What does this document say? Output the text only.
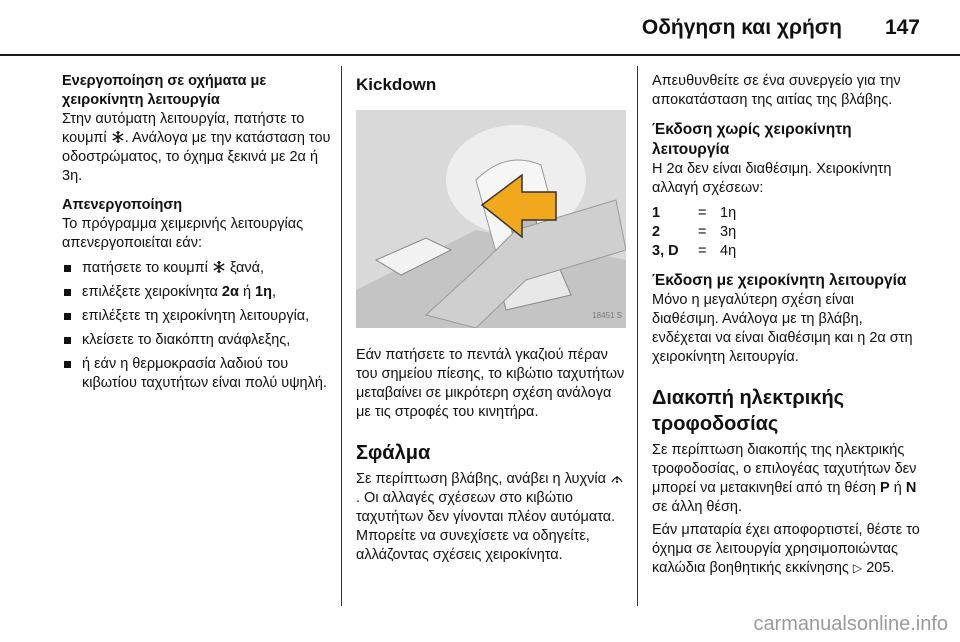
Οδήγηση και χρήση 147

Ενεργοποίηση σε οχήματα με
χειροκίνητη λειτουργία

Στην αυτόματη λειτουργία, πατήστε το κουμπί . Ανάλογα με την κατάσταση του οδοστρώματος, το όχημα ξεκινά με 2α ή 3η.

Απενεργοποίηση

Το πρόγραμμα χειμερινής λειτουργίας απενεργοποιείται εάν:

πατήσετε το κουμπί ξανά,
επιλέξετε χειροκίνητα 2α ή 1η,
επιλέξετε τη χειροκίνητη λειτουργία,
κλείσετε το διακόπτη ανάφλεξης,
ή εάν η θερμοκρασία λαδιού του κιβωτίου ταχυτήτων είναι πολύ υψηλή.

Kickdown

18451 S

Εάν πατήσετε το πεντάλ γκαζιού πέραν του σημείου πίεσης, το κιβώτιο ταχυτήτων μεταβαίνει σε μικρότερη σχέση ανάλογα με τις στροφές του κινητήρα.

Σφάλμα

Σε περίπτωση βλάβης, ανάβει η λυχνία . Οι αλλαγές σχέσεων στο κιβώτιο ταχυτήτων δεν γίνονται πλέον αυτόματα. Μπορείτε να συνεχίσετε να οδηγείτε, αλλάζοντας σχέσεις χειροκίνητα.

Απευθυνθείτε σε ένα συνεργείο για την αποκατάσταση της αιτίας της βλάβης.

Έκδοση χωρίς χειροκίνητη
λειτουργία

Η 2α δεν είναι διαθέσιμη. Χειροκίνητη αλλαγή σχέσεων:

1	=	1η
2	=	3η
3, D	=	4η

Έκδοση με χειροκίνητη λειτουργία

Μόνο η μεγαλύτερη σχέση είναι διαθέσιμη. Ανάλογα με τη βλάβη, ενδέχεται να είναι διαθέσιμη και η 2α στη χειροκίνητη λειτουργία.

Διακοπή ηλεκτρικής
τροφοδοσίας

Σε περίπτωση διακοπής της ηλεκτρικής τροφοδοσίας, ο επιλογέας ταχυτήτων δεν μπορεί να μετακινηθεί από τη θέση P ή N σε άλλη θέση.

Εάν μπαταρία έχει αποφορτιστεί, θέστε το όχημα σε λειτουργία χρησιμοποιώντας καλώδια βοηθητικής εκκίνησης ▷ 205.

carmanualsonline.info
